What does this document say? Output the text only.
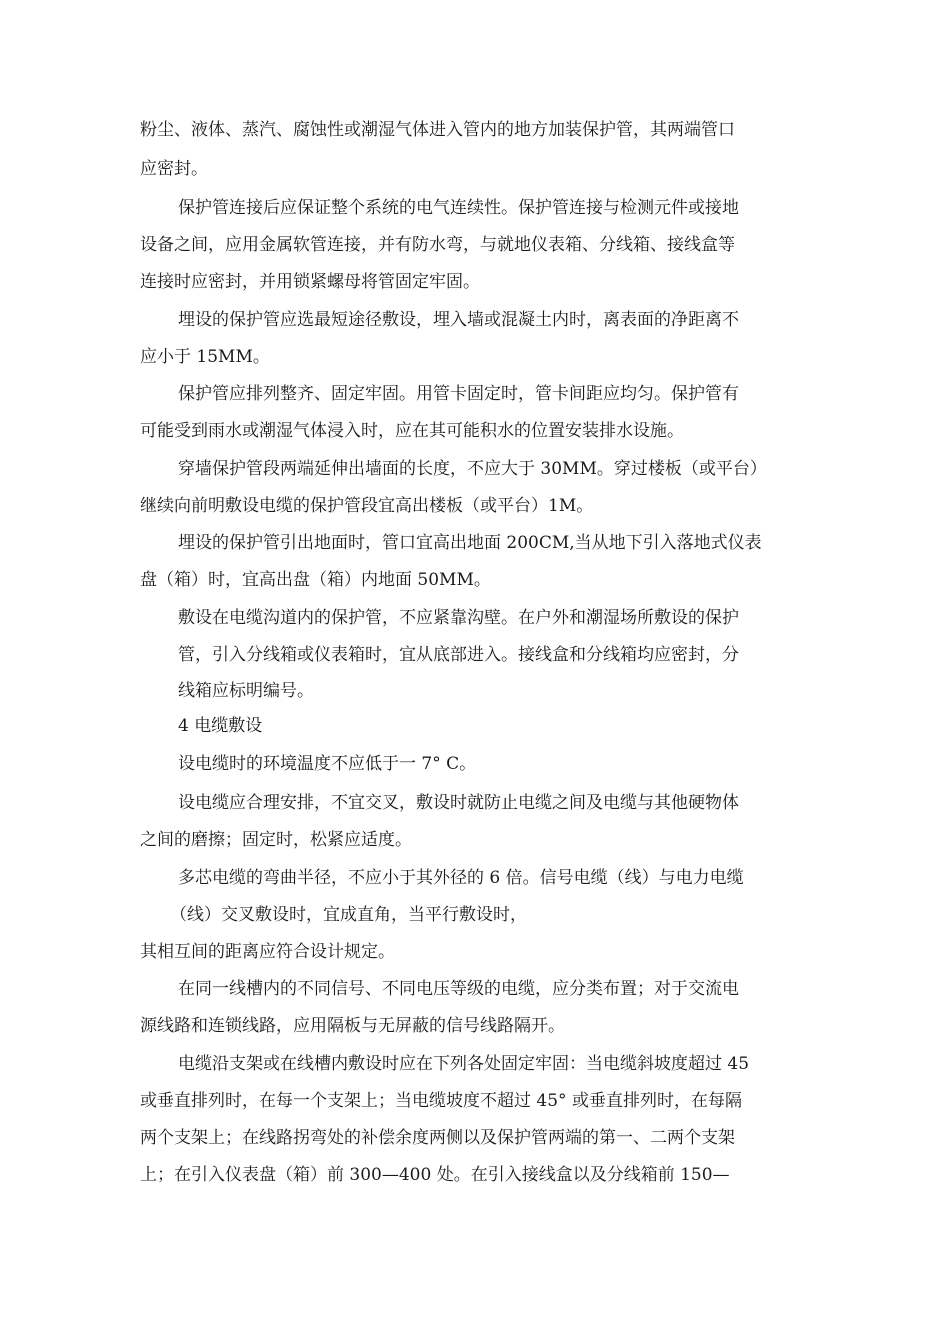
粉尘、液体、蒸汽、腐蚀性或潮湿气体进入管内的地方加装保护管，其两端管口
应密封。
保护管连接后应保证整个系统的电气连续性。保护管连接与检测元件或接地
设备之间，应用金属软管连接，并有防水弯，与就地仪表箱、分线箱、接线盒等
连接时应密封，并用锁紧螺母将管固定牢固。
埋设的保护管应选最短途径敷设，埋入墙或混凝土内时，离表面的净距离不
应小于 15MM。
保护管应排列整齐、固定牢固。用管卡固定时，管卡间距应均匀。保护管有
可能受到雨水或潮湿气体浸入时，应在其可能积水的位置安装排水设施。
穿墙保护管段两端延伸出墙面的长度，不应大于 30MM。穿过楼板（或平台）
继续向前明敷设电缆的保护管段宜高出楼板（或平台）1M。
埋设的保护管引出地面时，管口宜高出地面 200CM,当从地下引入落地式仪表
盘（箱）时，宜高出盘（箱）内地面 50MM。
敷设在电缆沟道内的保护管，不应紧靠沟壁。在户外和潮湿场所敷设的保护
管，引入分线箱或仪表箱时，宜从底部进入。接线盒和分线箱均应密封，分
线箱应标明编号。
4 电缆敷设
设电缆时的环境温度不应低于一 7° C。
设电缆应合理安排，不宜交叉，敷设时就防止电缆之间及电缆与其他硬物体
之间的磨擦；固定时，松紧应适度。
多芯电缆的弯曲半径，不应小于其外径的 6 倍。信号电缆（线）与电力电缆
（线）交叉敷设时，宜成直角，当平行敷设时，
其相互间的距离应符合设计规定。
在同一线槽内的不同信号、不同电压等级的电缆，应分类布置；对于交流电
源线路和连锁线路，应用隔板与无屏蔽的信号线路隔开。
电缆沿支架或在线槽内敷设时应在下列各处固定牢固：当电缆斜坡度超过 45
或垂直排列时，在每一个支架上；当电缆坡度不超过 45° 或垂直排列时，在每隔
两个支架上；在线路拐弯处的补偿余度两侧以及保护管两端的第一、二两个支架
上；在引入仪表盘（箱）前 300—400 处。在引入接线盒以及分线箱前 150—
